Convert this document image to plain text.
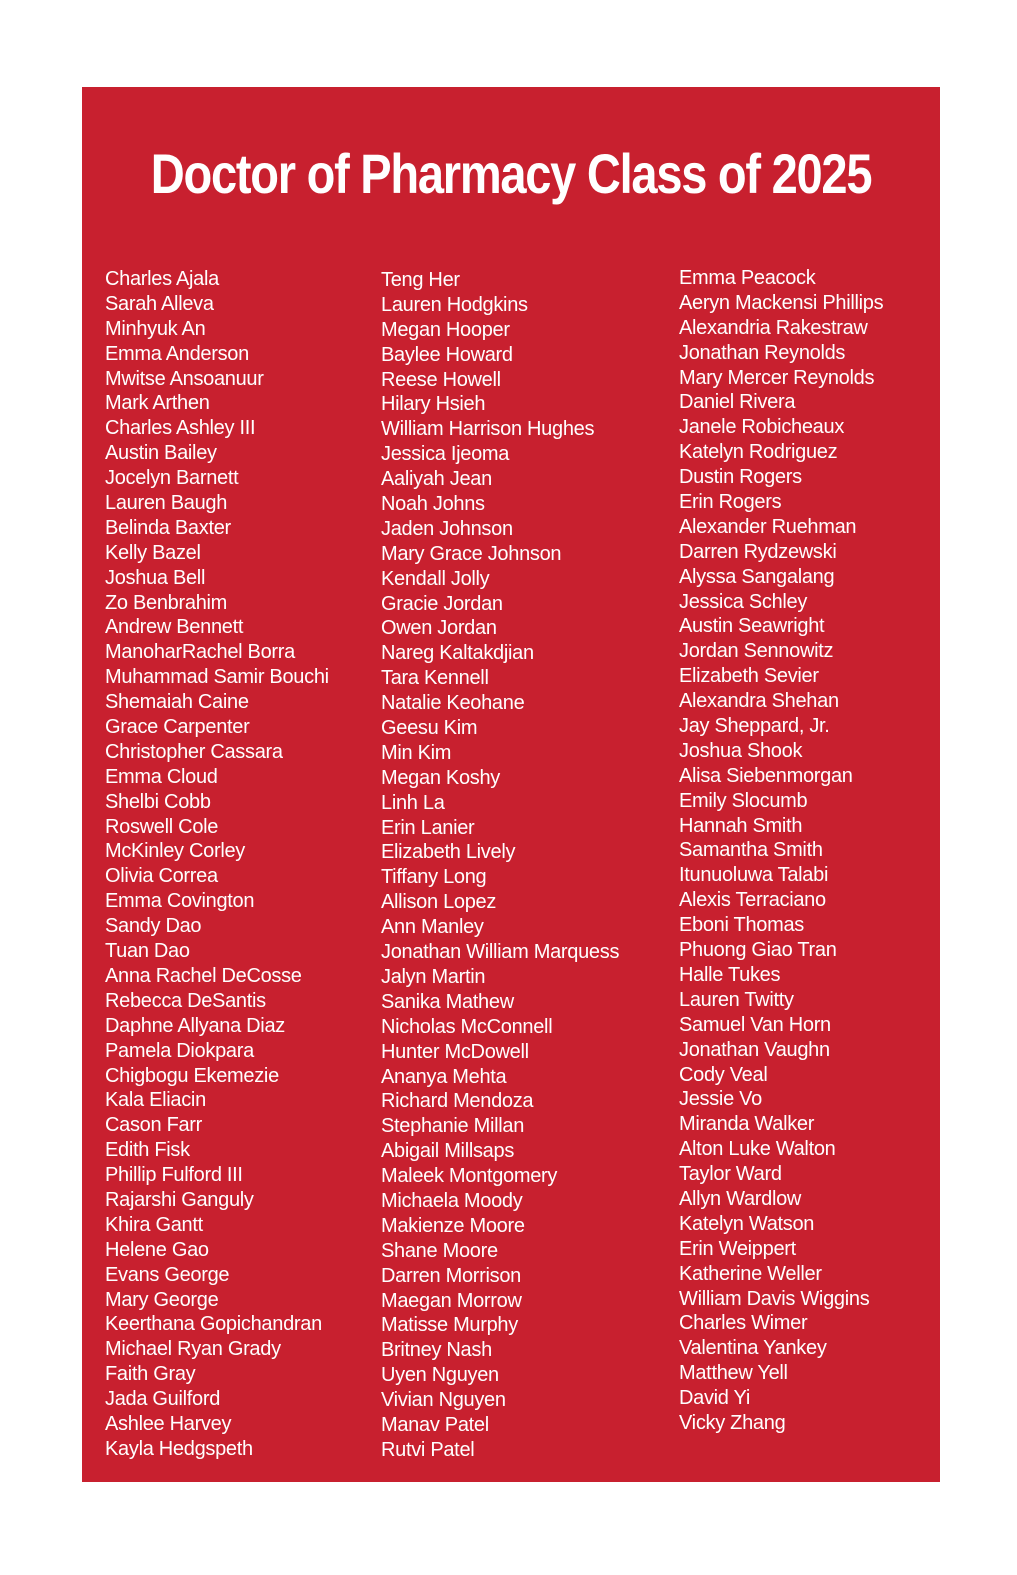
Doctor of Pharmacy Class of 2025
Charles Ajala
Sarah Alleva
Minhyuk An
Emma Anderson
Mwitse Ansoanuur
Mark Arthen
Charles Ashley III
Austin Bailey
Jocelyn Barnett
Lauren Baugh
Belinda Baxter
Kelly Bazel
Joshua Bell
Zo Benbrahim
Andrew Bennett
ManoharRachel Borra
Muhammad Samir Bouchi
Shemaiah Caine
Grace Carpenter
Christopher Cassara
Emma Cloud
Shelbi Cobb
Roswell Cole
McKinley Corley
Olivia Correa
Emma Covington
Sandy Dao
Tuan Dao
Anna Rachel DeCosse
Rebecca DeSantis
Daphne Allyana Diaz
Pamela Diokpara
Chigbogu Ekemezie
Kala Eliacin
Cason Farr
Edith Fisk
Phillip Fulford III
Rajarshi Ganguly
Khira Gantt
Helene Gao
Evans George
Mary George
Keerthana Gopichandran
Michael Ryan Grady
Faith Gray
Jada Guilford
Ashlee Harvey
Kayla Hedgspeth
Teng Her
Lauren Hodgkins
Megan Hooper
Baylee Howard
Reese Howell
Hilary Hsieh
William Harrison Hughes
Jessica Ijeoma
Aaliyah Jean
Noah Johns
Jaden Johnson
Mary Grace Johnson
Kendall Jolly
Gracie Jordan
Owen Jordan
Nareg Kaltakdjian
Tara Kennell
Natalie Keohane
Geesu Kim
Min Kim
Megan Koshy
Linh La
Erin Lanier
Elizabeth Lively
Tiffany Long
Allison Lopez
Ann Manley
Jonathan William Marquess
Jalyn Martin
Sanika Mathew
Nicholas McConnell
Hunter McDowell
Ananya Mehta
Richard Mendoza
Stephanie Millan
Abigail Millsaps
Maleek Montgomery
Michaela Moody
Makienze Moore
Shane Moore
Darren Morrison
Maegan Morrow
Matisse Murphy
Britney Nash
Uyen Nguyen
Vivian Nguyen
Manav Patel
Rutvi Patel
Emma Peacock
Aeryn Mackensi Phillips
Alexandria Rakestraw
Jonathan Reynolds
Mary Mercer Reynolds
Daniel Rivera
Janele Robicheaux
Katelyn Rodriguez
Dustin Rogers
Erin Rogers
Alexander Ruehman
Darren Rydzewski
Alyssa Sangalang
Jessica Schley
Austin Seawright
Jordan Sennowitz
Elizabeth Sevier
Alexandra Shehan
Jay Sheppard, Jr.
Joshua Shook
Alisa Siebenmorgan
Emily Slocumb
Hannah Smith
Samantha Smith
Itunuoluwa Talabi
Alexis Terraciano
Eboni Thomas
Phuong Giao Tran
Halle Tukes
Lauren Twitty
Samuel Van Horn
Jonathan Vaughn
Cody Veal
Jessie Vo
Miranda Walker
Alton Luke Walton
Taylor Ward
Allyn Wardlow
Katelyn Watson
Erin Weippert
Katherine Weller
William Davis Wiggins
Charles Wimer
Valentina Yankey
Matthew Yell
David Yi
Vicky Zhang
